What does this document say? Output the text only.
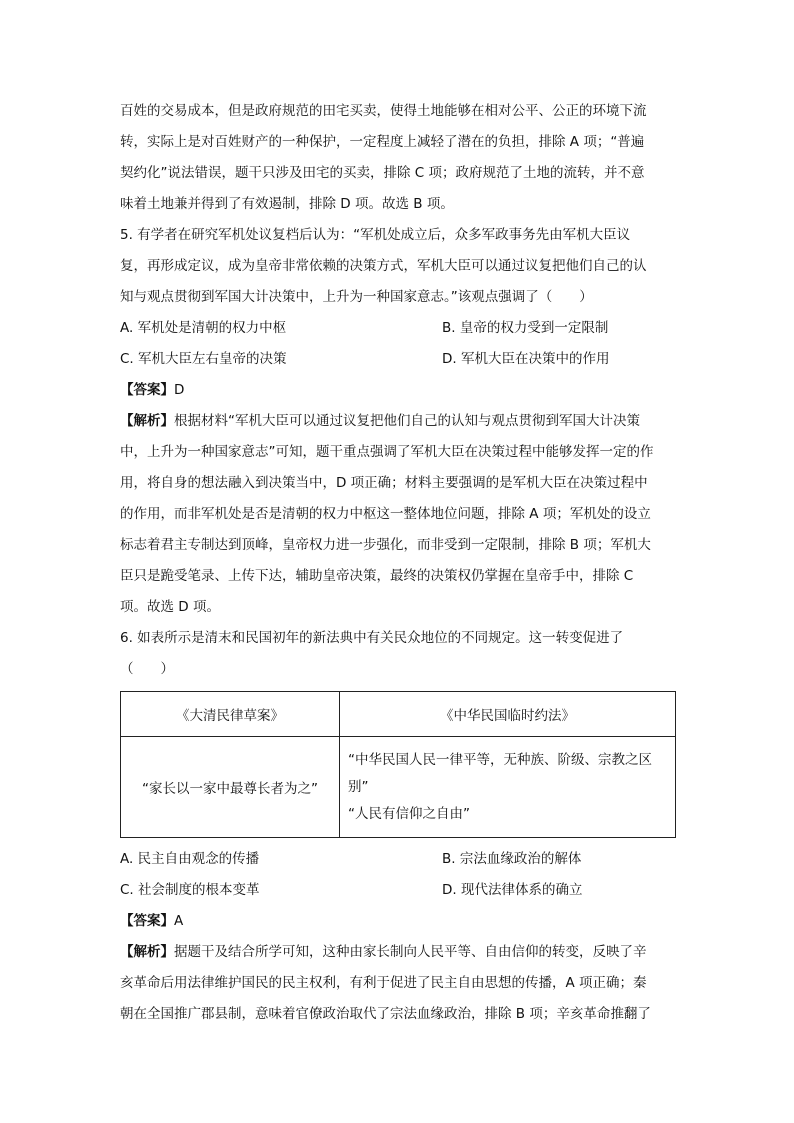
百姓的交易成本，但是政府规范的田宅买卖，使得土地能够在相对公平、公正的环境下流
转，实际上是对百姓财产的一种保护，一定程度上减轻了潜在的负担，排除 A 项；“普遍
契约化”说法错误，题干只涉及田宅的买卖，排除 C 项；政府规范了土地的流转，并不意
味着土地兼并得到了有效遏制，排除 D 项。故选 B 项。
5. 有学者在研究军机处议复档后认为：“军机处成立后，众多军政事务先由军机大臣议
复，再形成定议，成为皇帝非常依赖的决策方式，军机大臣可以通过议复把他们自己的认
知与观点贯彻到军国大计决策中，上升为一种国家意志。”该观点强调了（　　）
A. 军机处是清朝的权力中枢	B. 皇帝的权力受到一定限制
C. 军机大臣左右皇帝的决策	D. 军机大臣在决策中的作用
【答案】D
【解析】根据材料“军机大臣可以通过议复把他们自己的认知与观点贯彻到军国大计决策
中，上升为一种国家意志”可知，题干重点强调了军机大臣在决策过程中能够发挥一定的作
用，将自身的想法融入到决策当中，D 项正确；材料主要强调的是军机大臣在决策过程中
的作用，而非军机处是否是清朝的权力中枢这一整体地位问题，排除 A 项；军机处的设立
标志着君主专制达到顶峰，皇帝权力进一步强化，而非受到一定限制，排除 B 项；军机大
臣只是跪受笔录、上传下达，辅助皇帝决策，最终的决策权仍掌握在皇帝手中，排除 C
项。故选 D 项。
6. 如表所示是清末和民国初年的新法典中有关民众地位的不同规定。这一转变促进了
（　　）
《大清民律草案》	《中华民国临时约法》
“家长以一家中最尊长者为之”	“中华民国人民一律平等，无种族、阶级、宗教之区
别”
“人民有信仰之自由”
A. 民主自由观念的传播	B. 宗法血缘政治的解体
C. 社会制度的根本变革	D. 现代法律体系的确立
【答案】A
【解析】据题干及结合所学可知，这种由家长制向人民平等、自由信仰的转变，反映了辛
亥革命后用法律维护国民的民主权利，有利于促进了民主自由思想的传播，A 项正确；秦
朝在全国推广郡县制，意味着官僚政治取代了宗法血缘政治，排除 B 项；辛亥革命推翻了
